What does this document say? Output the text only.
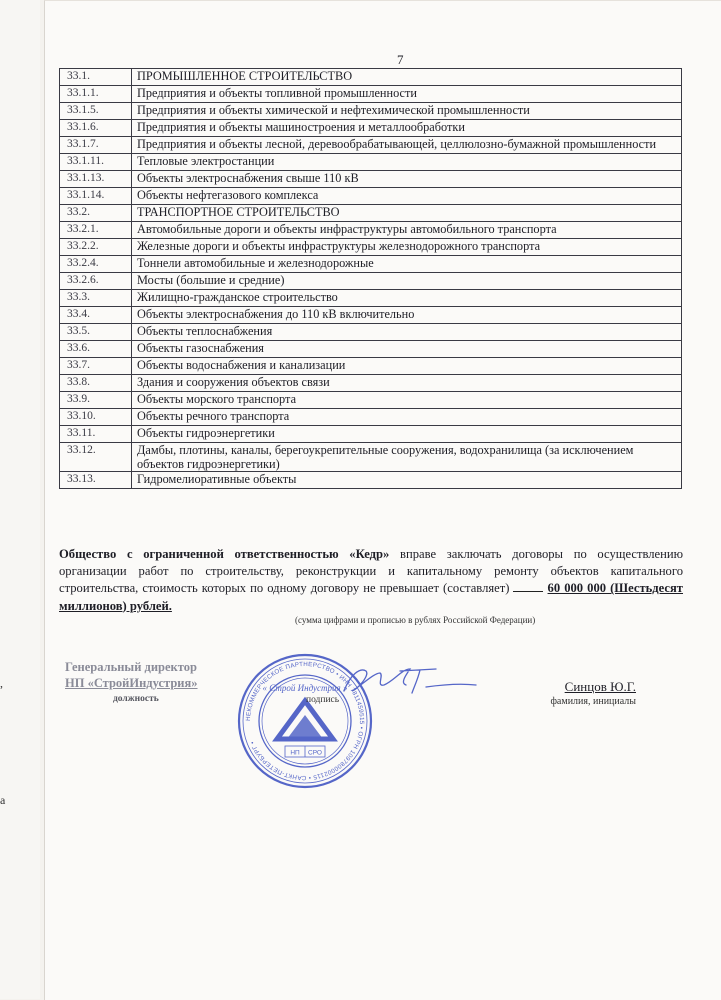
,
a
7
33.1.	ПРОМЫШЛЕННОЕ СТРОИТЕЛЬСТВО
33.1.1.	Предприятия и объекты топливной промышленности
33.1.5.	Предприятия и объекты химической и нефтехимической промышленности
33.1.6.	Предприятия и объекты машиностроения и металлообработки
33.1.7.	Предприятия и объекты лесной, деревообрабатывающей, целлюлозно-бумажной промышленности
33.1.11.	Тепловые электростанции
33.1.13.	Объекты электроснабжения свыше 110 кВ
33.1.14.	Объекты нефтегазового комплекса
33.2.	ТРАНСПОРТНОЕ СТРОИТЕЛЬСТВО
33.2.1.	Автомобильные дороги и объекты инфраструктуры автомобильного транспорта
33.2.2.	Железные дороги и объекты инфраструктуры железнодорожного транспорта
33.2.4.	Тоннели автомобильные и железнодорожные
33.2.6.	Мосты (большие и средние)
33.3.	Жилищно-гражданское строительство
33.4.	Объекты электроснабжения до 110 кВ включительно
33.5.	Объекты теплоснабжения
33.6.	Объекты газоснабжения
33.7.	Объекты водоснабжения и канализации
33.8.	Здания и сооружения объектов связи
33.9.	Объекты морского транспорта
33.10.	Объекты речного транспорта
33.11.	Объекты гидроэнергетики
33.12.	Дамбы, плотины, каналы, берегоукрепительные сооружения, водохранилища (за исключением объектов гидроэнергетики)
33.13.	Гидромелиоративные объекты
Общество с ограниченной ответственностью «Кедр» вправе заключать договоры по осуществлению организации работ по строительству, реконструкции и капитальному ремонту объектов капитального строительства, стоимость которых по одному договору не превышает (составляет)	60 000 000 (Шестьдесят миллионов) рублей.
(сумма цифрами и прописью в рублях Российской Федерации)
Генеральный директор
НП «СтройИндустрия»
должность
НЕКОММЕРЧЕСКОЕ ПАРТНЕРСТВО • ИНН 7811459515 • ОГРН 1097800002115 • САНКТ-ПЕТЕРБУРГ •
« Строй Индустрия »
НП СРО
подпись
Синцов Ю.Г.
фамилия, инициалы
